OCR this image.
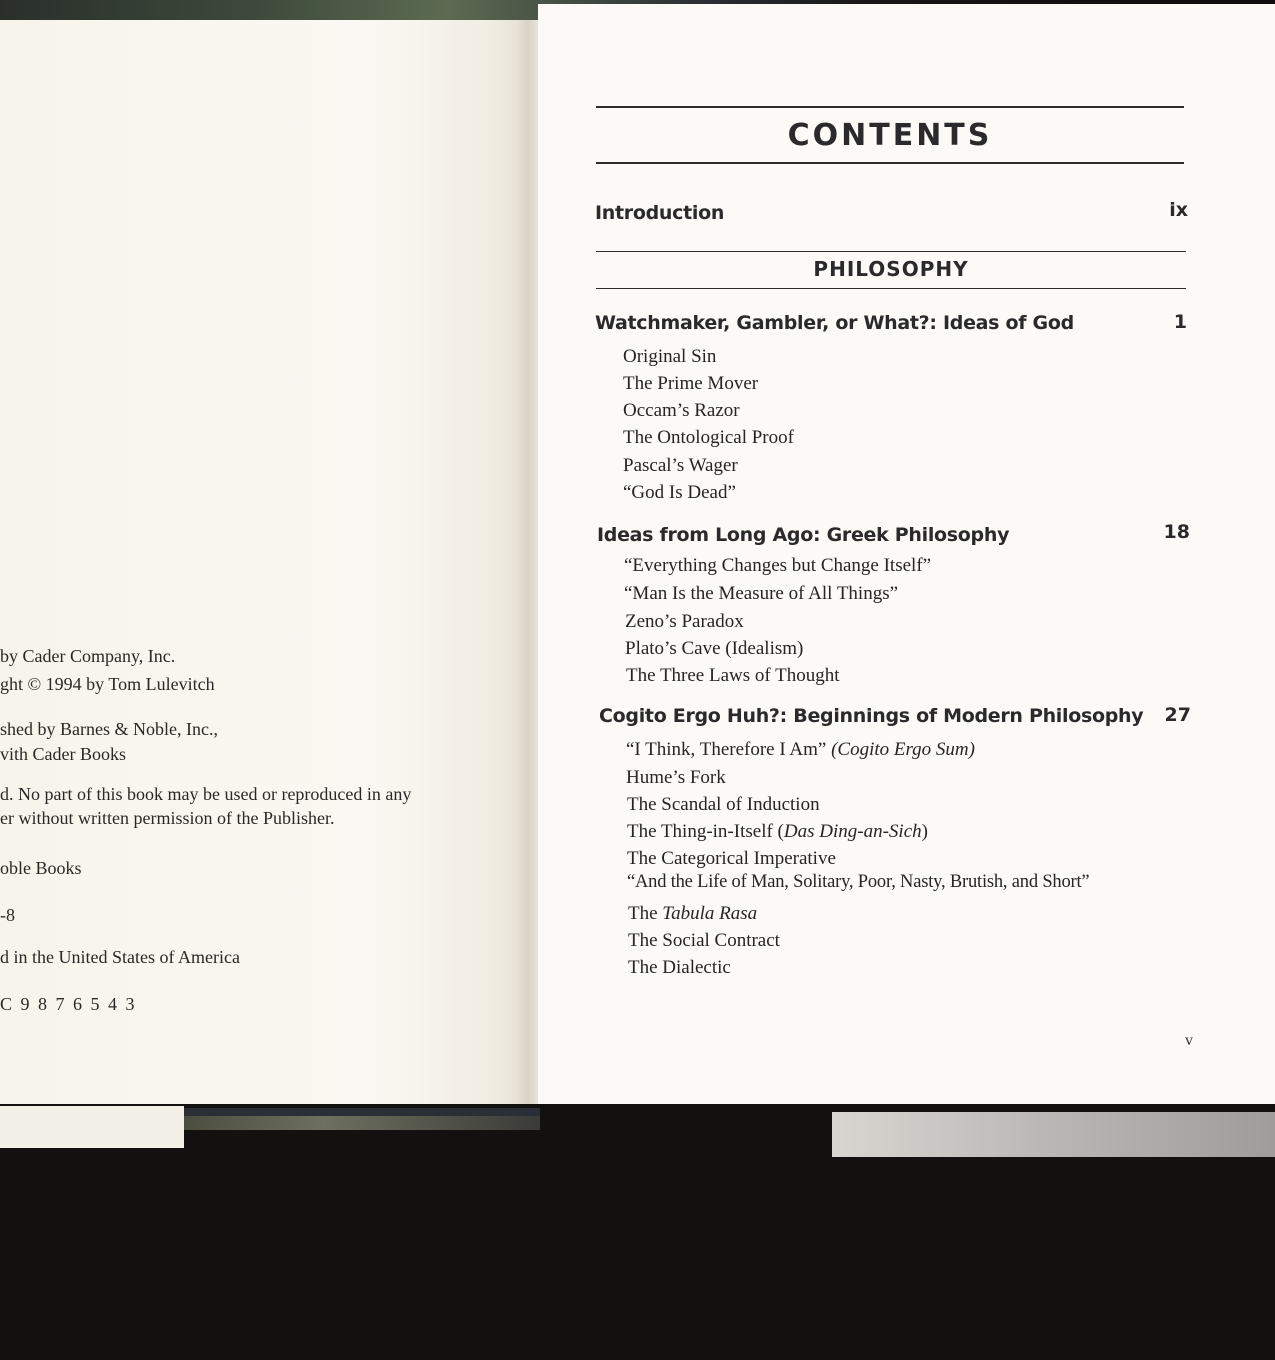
by Cader Company, Inc.
ght © 1994 by Tom Lulevitch
shed by Barnes & Noble, Inc.,
vith Cader Books
d. No part of this book may be used or reproduced in any
er without written permission of the Publisher.
oble Books
-8
d in the United States of America
C 9 8 7 6 5 4 3
CONTENTS
Introduction	ix
PHILOSOPHY
Watchmaker, Gambler, or What?: Ideas of God	1
Original Sin
The Prime Mover
Occam’s Razor
The Ontological Proof
Pascal’s Wager
“God Is Dead”
Ideas from Long Ago: Greek Philosophy	18
“Everything Changes but Change Itself”
“Man Is the Measure of All Things”
Zeno’s Paradox
Plato’s Cave (Idealism)
The Three Laws of Thought
Cogito Ergo Huh?: Beginnings of Modern Philosophy	27
“I Think, Therefore I Am” (Cogito Ergo Sum)
Hume’s Fork
The Scandal of Induction
The Thing-in-Itself (Das Ding-an-Sich)
The Categorical Imperative
“And the Life of Man, Solitary, Poor, Nasty, Brutish, and Short”
The Tabula Rasa
The Social Contract
The Dialectic
v
